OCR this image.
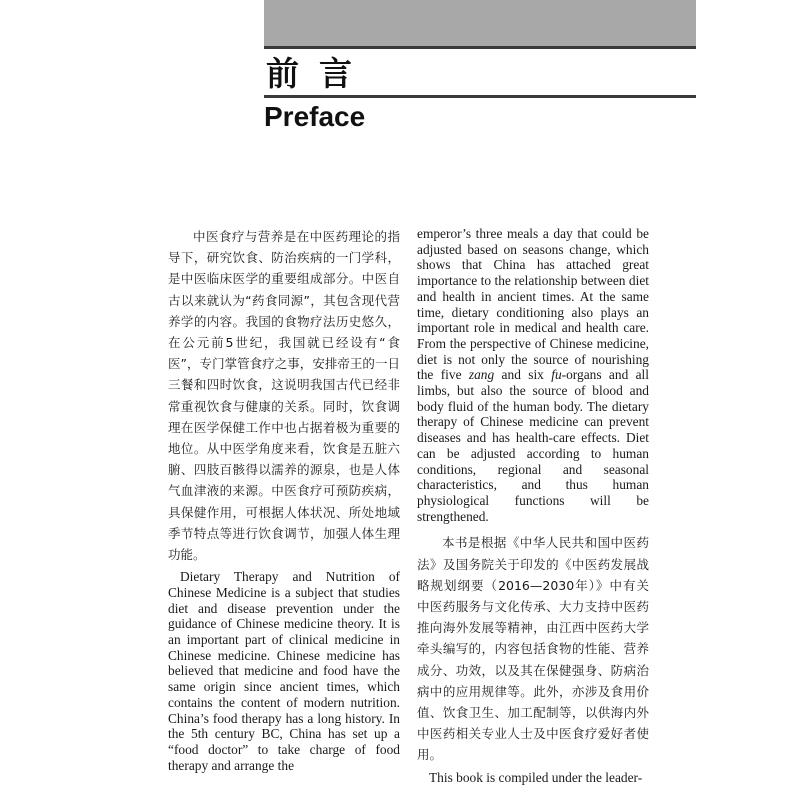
前言
Preface

中医食疗与营养是在中医药理论的指导下，研究饮食、防治疾病的一门学科，是中医临床医学的重要组成部分。中医自古以来就认为“药食同源”，其包含现代营养学的内容。我国的食物疗法历史悠久，在公元前5世纪，我国就已经设有“食医”，专门掌管食疗之事，安排帝王的一日三餐和四时饮食，这说明我国古代已经非常重视饮食与健康的关系。同时，饮食调理在医学保健工作中也占据着极为重要的地位。从中医学角度来看，饮食是五脏六腑、四肢百骸得以濡养的源泉，也是人体气血津液的来源。中医食疗可预防疾病，具保健作用，可根据人体状况、所处地域季节特点等进行饮食调节，加强人体生理功能。

Dietary Therapy and Nutrition of Chinese Medicine is a subject that studies diet and disease prevention under the guidance of Chinese medicine theory. It is an important part of clinical medicine in Chinese medicine. Chinese medicine has believed that medicine and food have the same origin since ancient times, which contains the content of modern nutrition. China’s food therapy has a long history. In the 5th century BC, China has set up a “food doctor” to take charge of food therapy and arrange the

emperor’s three meals a day that could be adjusted based on seasons change, which shows that China has attached great importance to the relationship between diet and health in ancient times. At the same time, dietary conditioning also plays an important role in medical and health care. From the perspective of Chinese medicine, diet is not only the source of nourishing the five zang and six fu-organs and all limbs, but also the source of blood and body fluid of the human body. The dietary therapy of Chinese medicine can prevent diseases and has health-care effects. Diet can be adjusted according to human conditions, regional and seasonal characteristics, and thus human physiological functions will be strengthened.

本书是根据《中华人民共和国中医药法》及国务院关于印发的《中医药发展战略规划纲要（2016—2030年）》中有关中医药服务与文化传承、大力支持中医药推向海外发展等精神，由江西中医药大学牵头编写的，内容包括食物的性能、营养成分、功效，以及其在保健强身、防病治病中的应用规律等。此外，亦涉及食用价值、饮食卫生、加工配制等，以供海内外中医药相关专业人士及中医食疗爱好者使用。

This book is compiled under the leader-
